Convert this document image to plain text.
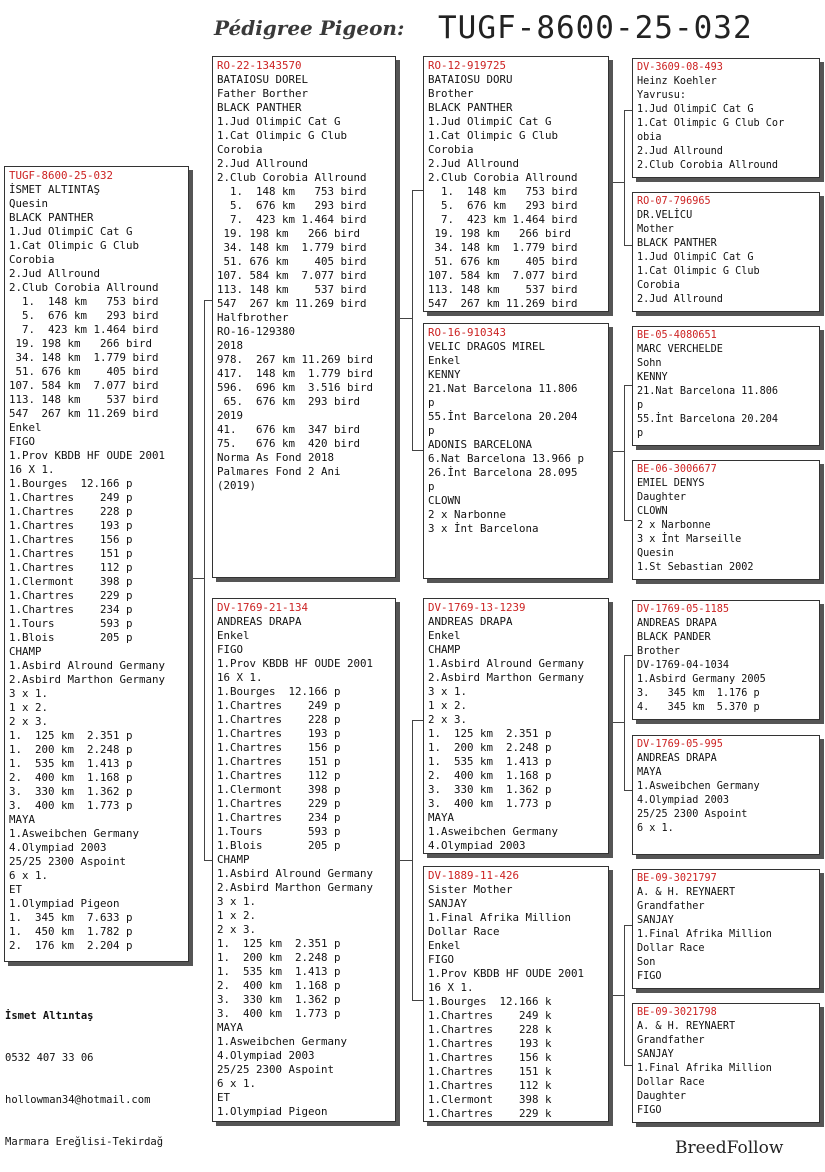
Pédigree Pigeon: TUGF-8600-25-032
TUGF-8600-25-032
İSMET ALTINTAŞ
Quesin
BLACK PANTHER
1.Jud OlimpiC Cat G
1.Cat Olimpic G Club
Corobia
2.Jud Allround
2.Club Corobia Allround
1.  148 km   753 bird
5.  676 km   293 bird
7.  423 km 1.464 bird
19. 198 km   266 bird
34. 148 km  1.779 bird
51. 676 km    405 bird
107. 584 km  7.077 bird
113. 148 km    537 bird
547  267 km 11.269 bird
Enkel
FIGO
1.Prov KBDB HF OUDE 2001
16 X 1.
1.Bourges  12.166 p
1.Chartres    249 p
1.Chartres    228 p
1.Chartres    193 p
1.Chartres    156 p
1.Chartres    151 p
1.Chartres    112 p
1.Clermont    398 p
1.Chartres    229 p
1.Chartres    234 p
1.Tours       593 p
1.Blois       205 p
CHAMP
1.Asbird Alround Germany
2.Asbird Marthon Germany
3 x 1.
1 x 2.
2 x 3.
1.  125 km  2.351 p
1.  200 km  2.248 p
1.  535 km  1.413 p
2.  400 km  1.168 p
3.  330 km  1.362 p
3.  400 km  1.773 p
MAYA
1.Asweibchen Germany
4.Olympiad 2003
25/25 2300 Aspoint
6 x 1.
ET
1.Olympiad Pigeon
1.  345 km  7.633 p
1.  450 km  1.782 p
2.  176 km  2.204 p
RO-22-1343570
BATAIOSU DOREL
Father Borther
BLACK PANTHER
1.Jud OlimpiC Cat G
1.Cat Olimpic G Club
Corobia
2.Jud Allround
2.Club Corobia Allround
1.  148 km   753 bird
5.  676 km   293 bird
7.  423 km 1.464 bird
19. 198 km   266 bird
34. 148 km  1.779 bird
51. 676 km    405 bird
107. 584 km  7.077 bird
113. 148 km    537 bird
547  267 km 11.269 bird
Halfbrother
RO-16-129380
2018
978.  267 km 11.269 bird
417.  148 km  1.779 bird
596.  696 km  3.516 bird
65.  676 km  293 bird
2019
41.   676 km  347 bird
75.   676 km  420 bird
Norma As Fond 2018
Palmares Fond 2 Ani
(2019)
DV-1769-21-134
ANDREAS DRAPA
Enkel
FIGO
1.Prov KBDB HF OUDE 2001
16 X 1.
1.Bourges  12.166 p
1.Chartres    249 p
1.Chartres    228 p
1.Chartres    193 p
1.Chartres    156 p
1.Chartres    151 p
1.Chartres    112 p
1.Clermont    398 p
1.Chartres    229 p
1.Chartres    234 p
1.Tours       593 p
1.Blois       205 p
CHAMP
1.Asbird Alround Germany
2.Asbird Marthon Germany
3 x 1.
1 x 2.
2 x 3.
1.  125 km  2.351 p
1.  200 km  2.248 p
1.  535 km  1.413 p
2.  400 km  1.168 p
3.  330 km  1.362 p
3.  400 km  1.773 p
MAYA
1.Asweibchen Germany
4.Olympiad 2003
25/25 2300 Aspoint
6 x 1.
ET
1.Olympiad Pigeon
RO-12-919725
BATAIOSU DORU
Brother
BLACK PANTHER
1.Jud OlimpiC Cat G
1.Cat Olimpic G Club
Corobia
2.Jud Allround
2.Club Corobia Allround
1.  148 km   753 bird
5.  676 km   293 bird
7.  423 km 1.464 bird
19. 198 km   266 bird
34. 148 km  1.779 bird
51. 676 km    405 bird
107. 584 km  7.077 bird
113. 148 km    537 bird
547  267 km 11.269 bird
RO-16-910343
VELIC DRAGOS MIREL
Enkel
KENNY
21.Nat Barcelona 11.806
p
55.İnt Barcelona 20.204
p
ADONIS BARCELONA
6.Nat Barcelona 13.966 p
26.İnt Barcelona 28.095
p
CLOWN
2 x Narbonne
3 x İnt Barcelona
DV-1769-13-1239
ANDREAS DRAPA
Enkel
CHAMP
1.Asbird Alround Germany
2.Asbird Marthon Germany
3 x 1.
1 x 2.
2 x 3.
1.  125 km  2.351 p
1.  200 km  2.248 p
1.  535 km  1.413 p
2.  400 km  1.168 p
3.  330 km  1.362 p
3.  400 km  1.773 p
MAYA
1.Asweibchen Germany
4.Olympiad 2003
DV-1889-11-426
Sister Mother
SANJAY
1.Final Afrika Million
Dollar Race
Enkel
FIGO
1.Prov KBDB HF OUDE 2001
16 X 1.
1.Bourges  12.166 k
1.Chartres    249 k
1.Chartres    228 k
1.Chartres    193 k
1.Chartres    156 k
1.Chartres    151 k
1.Chartres    112 k
1.Clermont    398 k
1.Chartres    229 k
DV-3609-08-493
Heinz Koehler
Yavrusu:
1.Jud OlimpiC Cat G
1.Cat Olimpic G Club Cor
obia
2.Jud Allround
2.Club Corobia Allround
RO-07-796965
DR.VELİCU
Mother
BLACK PANTHER
1.Jud OlimpiC Cat G
1.Cat Olimpic G Club
Corobia
2.Jud Allround
BE-05-4080651
MARC VERCHELDE
Sohn
KENNY
21.Nat Barcelona 11.806
p
55.İnt Barcelona 20.204
p
BE-06-3006677
EMIEL DENYS
Daughter
CLOWN
2 x Narbonne
3 x İnt Marseille
Quesin
1.St Sebastian 2002
DV-1769-05-1185
ANDREAS DRAPA
BLACK PANDER
Brother
DV-1769-04-1034
1.Asbird Germany 2005
3.   345 km  1.176 p
4.   345 km  5.370 p
DV-1769-05-995
ANDREAS DRAPA
MAYA
1.Asweibchen Germany
4.Olympiad 2003
25/25 2300 Aspoint
6 x 1.
BE-09-3021797
A. & H. REYNAERT
Grandfather
SANJAY
1.Final Afrika Million
Dollar Race
Son
FIGO
BE-09-3021798
A. & H. REYNAERT
Grandfather
SANJAY
1.Final Afrika Million
Dollar Race
Daughter
FIGO

İsmet Altıntaş

0532 407 33 06

hollowman34@hotmail.com

Marmara Ereğlisi-Tekirdağ	BreedFollow
